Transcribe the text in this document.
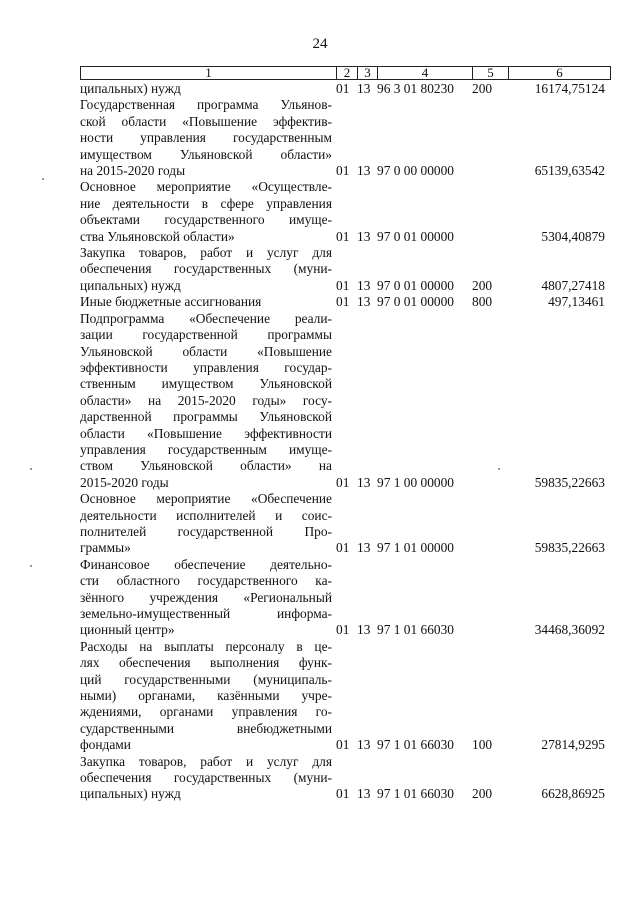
24
1	2	3	4	5	6
ципальных) нужд	01 13 96 3 01 80230 200	16174,75124
Государственная программа Ульянов-
ской области «Повышение эффектив-
ности управления государственным
имуществом Ульяновской области»
на 2015-2020 годы	01 13 97 0 00 00000	65139,63542
Основное мероприятие «Осуществле-
ние деятельности в сфере управления
объектами государственного имуще-
ства Ульяновской области»	01 13 97 0 01 00000	5304,40879
Закупка товаров, работ и услуг для
обеспечения государственных (муни-
ципальных) нужд	01 13 97 0 01 00000 200	4807,27418
Иные бюджетные ассигнования	01 13 97 0 01 00000 800	497,13461
Подпрограмма «Обеспечение реали-
зации государственной программы
Ульяновской области «Повышение
эффективности управления государ-
ственным имуществом Ульяновской
области» на 2015-2020 годы» госу-
дарственной программы Ульяновской
области «Повышение эффективности
управления государственным имуще-
ством Ульяновской области» на
2015-2020 годы	01 13 97 1 00 00000	59835,22663
Основное мероприятие «Обеспечение
деятельности исполнителей и соис-
полнителей государственной Про-
граммы»	01 13 97 1 01 00000	59835,22663
Финансовое обеспечение деятельно-
сти областного государственного ка-
зённого учреждения «Региональный
земельно-имущественный информа-
ционный центр»	01 13 97 1 01 66030	34468,36092
Расходы на выплаты персоналу в це-
лях обеспечения выполнения функ-
ций государственными (муниципаль-
ными) органами, казёнными учре-
ждениями, органами управления го-
сударственными внебюджетными
фондами	01 13 97 1 01 66030 100	27814,9295
Закупка товаров, работ и услуг для
обеспечения государственных (муни-
ципальных) нужд	01 13 97 1 01 66030 200	6628,86925
